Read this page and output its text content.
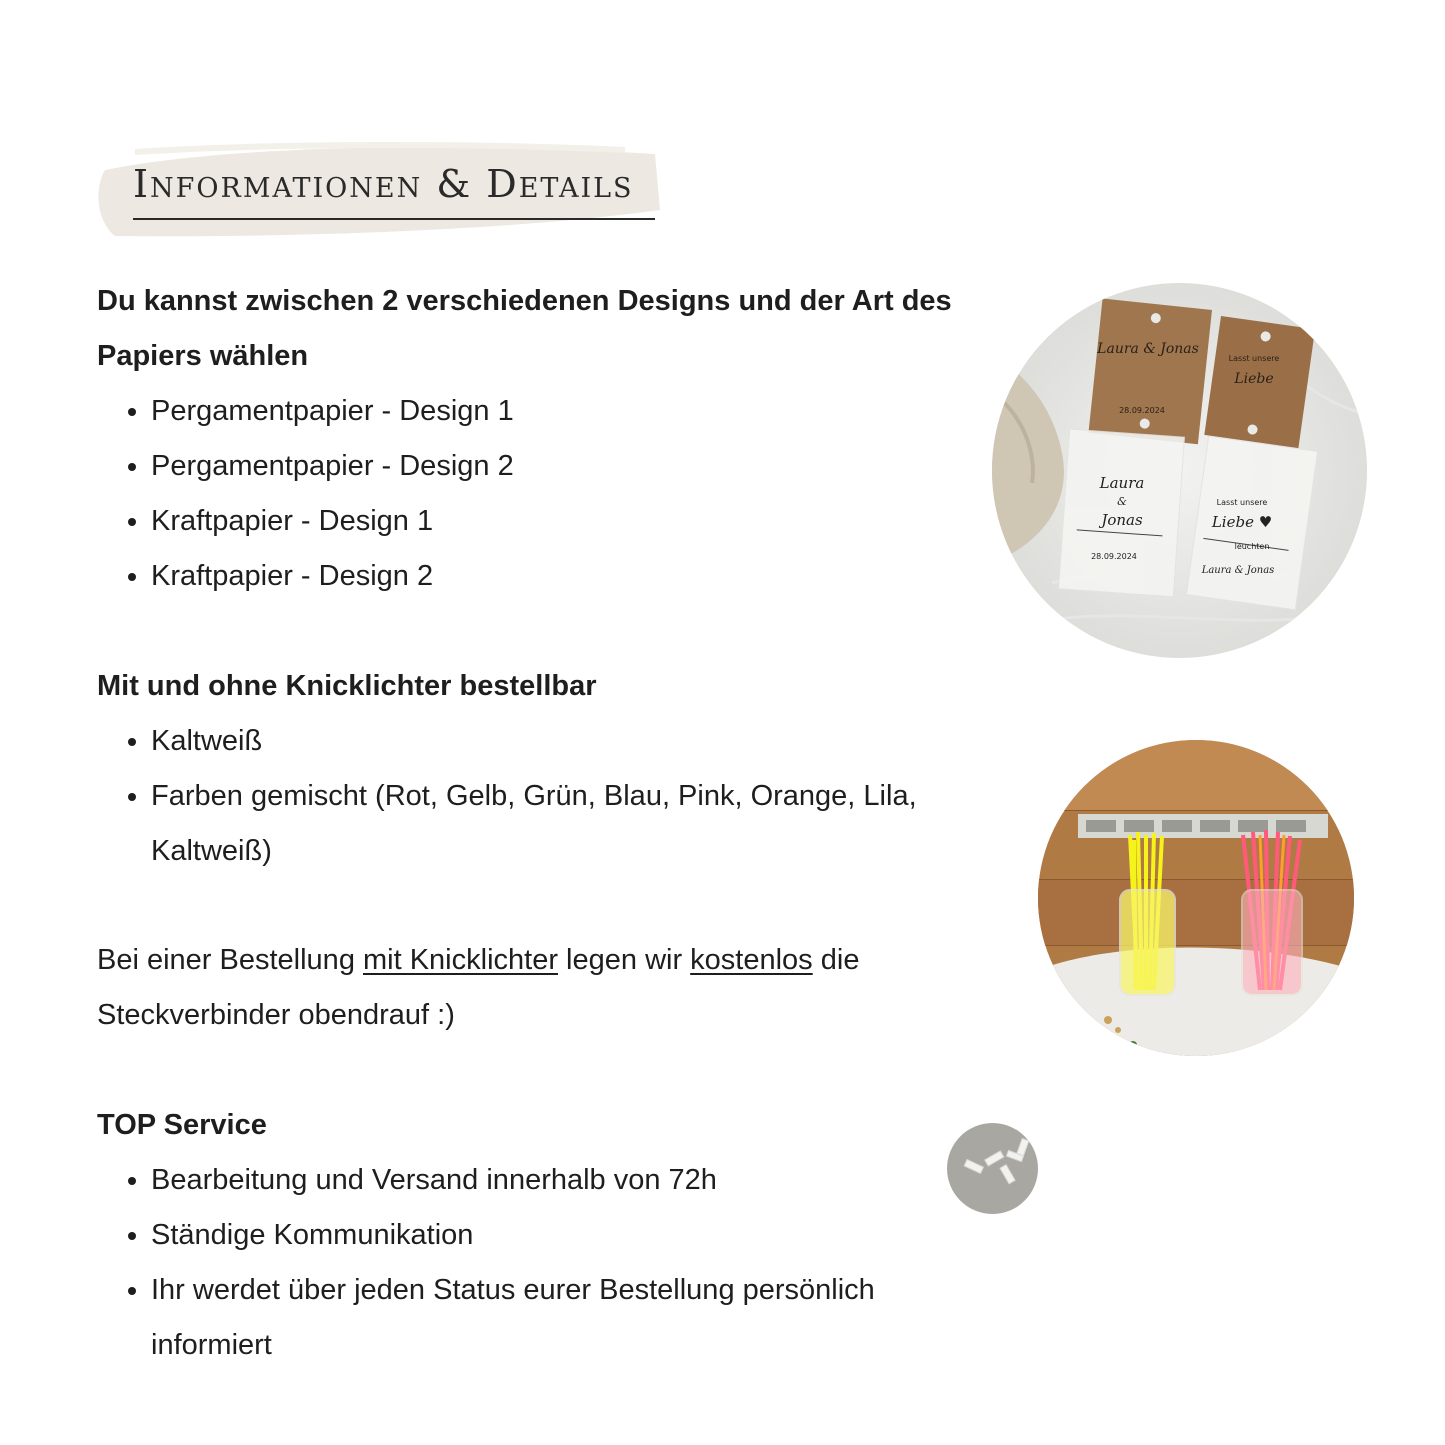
Informationen & Details
Du kannst zwischen 2 verschiedenen Designs und der Art des Papiers wählen
• Pergamentpapier - Design 1
• Pergamentpapier - Design 2
• Kraftpapier - Design 1
• Kraftpapier - Design 2
Mit und ohne Knicklichter bestellbar
• Kaltweiß
• Farben gemischt (Rot, Gelb, Grün, Blau, Pink, Orange, Lila, Kaltweiß)
Bei einer Bestellung mit Knicklichter legen wir kostenlos die Steckverbinder obendrauf :)
TOP Service
• Bearbeitung und Versand innerhalb von 72h
• Ständige Kommunikation
• Ihr werdet über jeden Status eurer Bestellung persönlich informiert
Laura & Jonas
28.09.2024
Lasst unsere
Liebe
Laura
&
Jonas
28.09.2024
Lasst unsere
Liebe ♥
leuchten
Laura & Jonas
